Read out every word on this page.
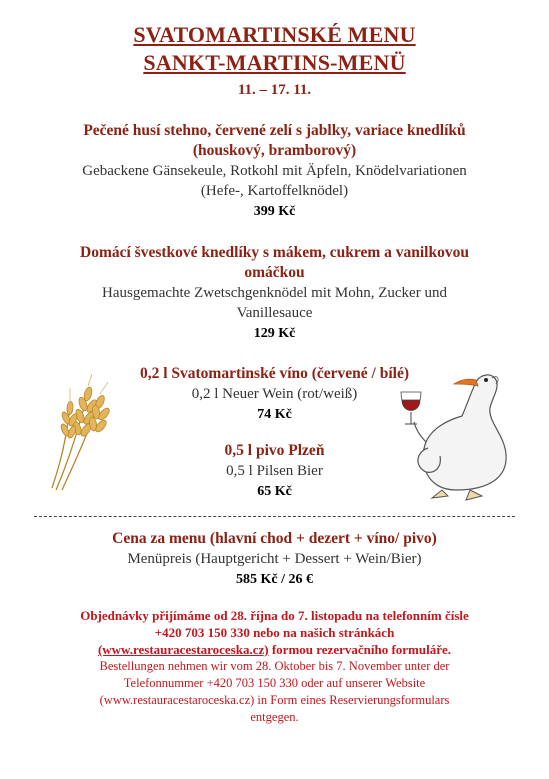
SVATOMARTINSKÉ MENU
SANKT-MARTINS-MENÜ
11. – 17. 11.
Pečené husí stehno, červené zelí s jablky, variace knedlíků
(houskový, bramborový)
Gebackene Gänsekeule, Rotkohl mit Äpfeln, Knödelvariationen
(Hefe-, Kartoffelknödel)
399 Kč
Domácí švestkové knedlíky s mákem, cukrem a vanilkovou
omáčkou
Hausgemachte Zwetschgenknödel mit Mohn, Zucker und
Vanillesauce
129 Kč
0,2 l Svatomartinské víno (červené / bílé)
0,2 l Neuer Wein (rot/weiß)
74 Kč
0,5 l pivo Plzeň
0,5 l Pilsen Bier
65 Kč
Cena za menu (hlavní chod + dezert + víno/ pivo)
Menüpreis (Hauptgericht + Dessert + Wein/Bier)
585 Kč / 26 €
Objednávky přijímáme od 28. října do 7. listopadu na telefonním čísle
+420 703 150 330 nebo na našich stránkách
(www.restauracestaroceska.cz) formou rezervačního formuláře.
Bestellungen nehmen wir vom 28. Oktober bis 7. November unter der
Telefonnummer +420 703 150 330 oder auf unserer Website
(www.restauracestaroceska.cz) in Form eines Reservierungsformulars
entgegen.
